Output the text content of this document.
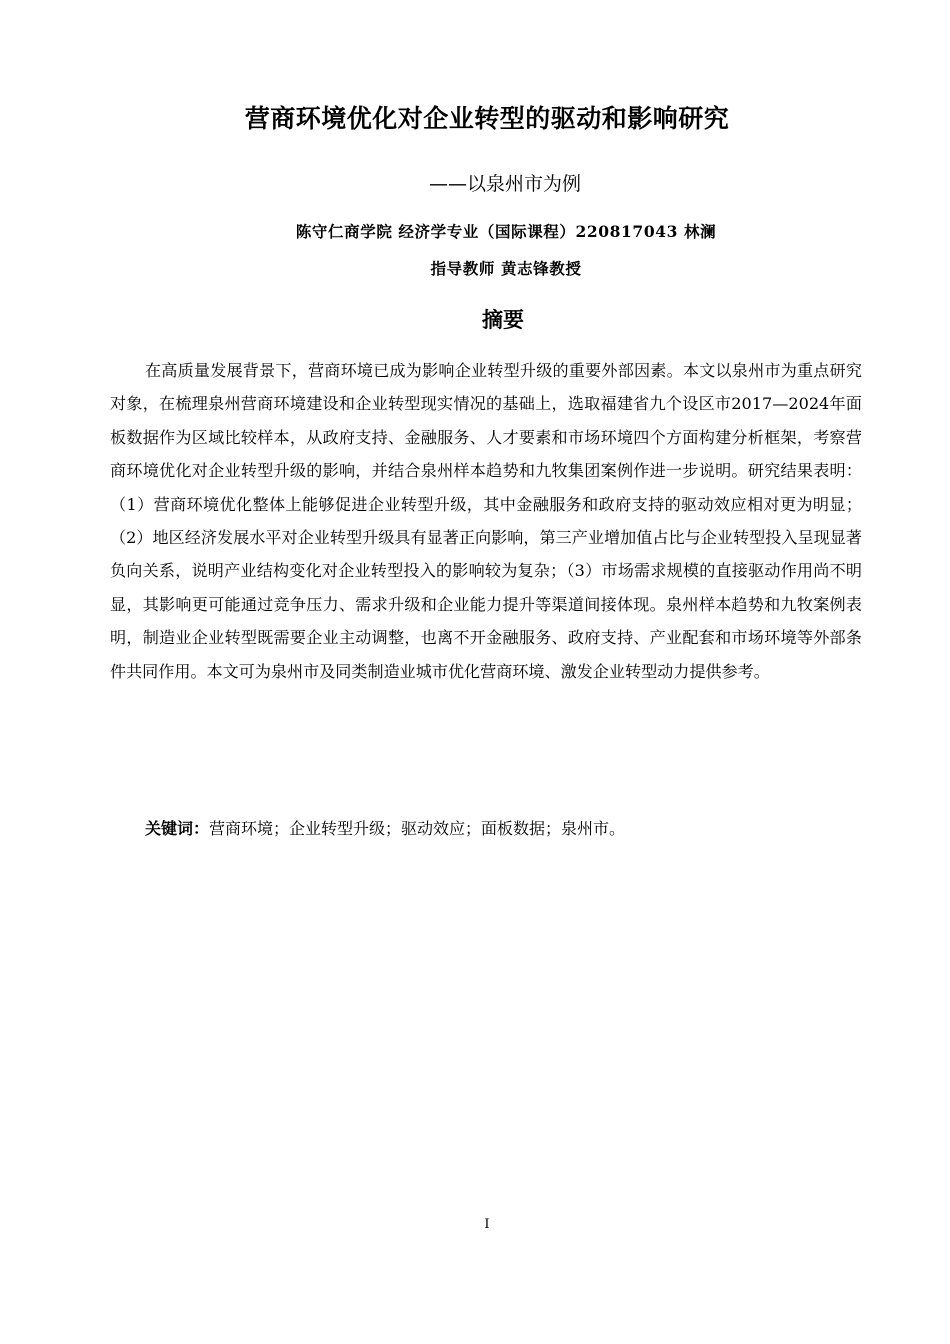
营商环境优化对企业转型的驱动和影响研究
——以泉州市为例
陈守仁商学院 经济学专业（国际课程）220817043 林澜
指导教师 黄志锋教授
摘要

在高质量发展背景下，营商环境已成为影响企业转型升级的重要外部因素。本文以泉州市为重点研究对象，在梳理泉州营商环境建设和企业转型现实情况的基础上，选取福建省九个设区市2017—2024年面板数据作为区域比较样本，从政府支持、金融服务、人才要素和市场环境四个方面构建分析框架，考察营商环境优化对企业转型升级的影响，并结合泉州样本趋势和九牧集团案例作进一步说明。研究结果表明：（1）营商环境优化整体上能够促进企业转型升级，其中金融服务和政府支持的驱动效应相对更为明显；（2）地区经济发展水平对企业转型升级具有显著正向影响，第三产业增加值占比与企业转型投入呈现显著负向关系，说明产业结构变化对企业转型投入的影响较为复杂；（3）市场需求规模的直接驱动作用尚不明显，其影响更可能通过竞争压力、需求升级和企业能力提升等渠道间接体现。泉州样本趋势和九牧案例表明，制造业企业转型既需要企业主动调整，也离不开金融服务、政府支持、产业配套和市场环境等外部条件共同作用。本文可为泉州市及同类制造业城市优化营商环境、激发企业转型动力提供参考。

关键词：营商环境；企业转型升级；驱动效应；面板数据；泉州市。

I
